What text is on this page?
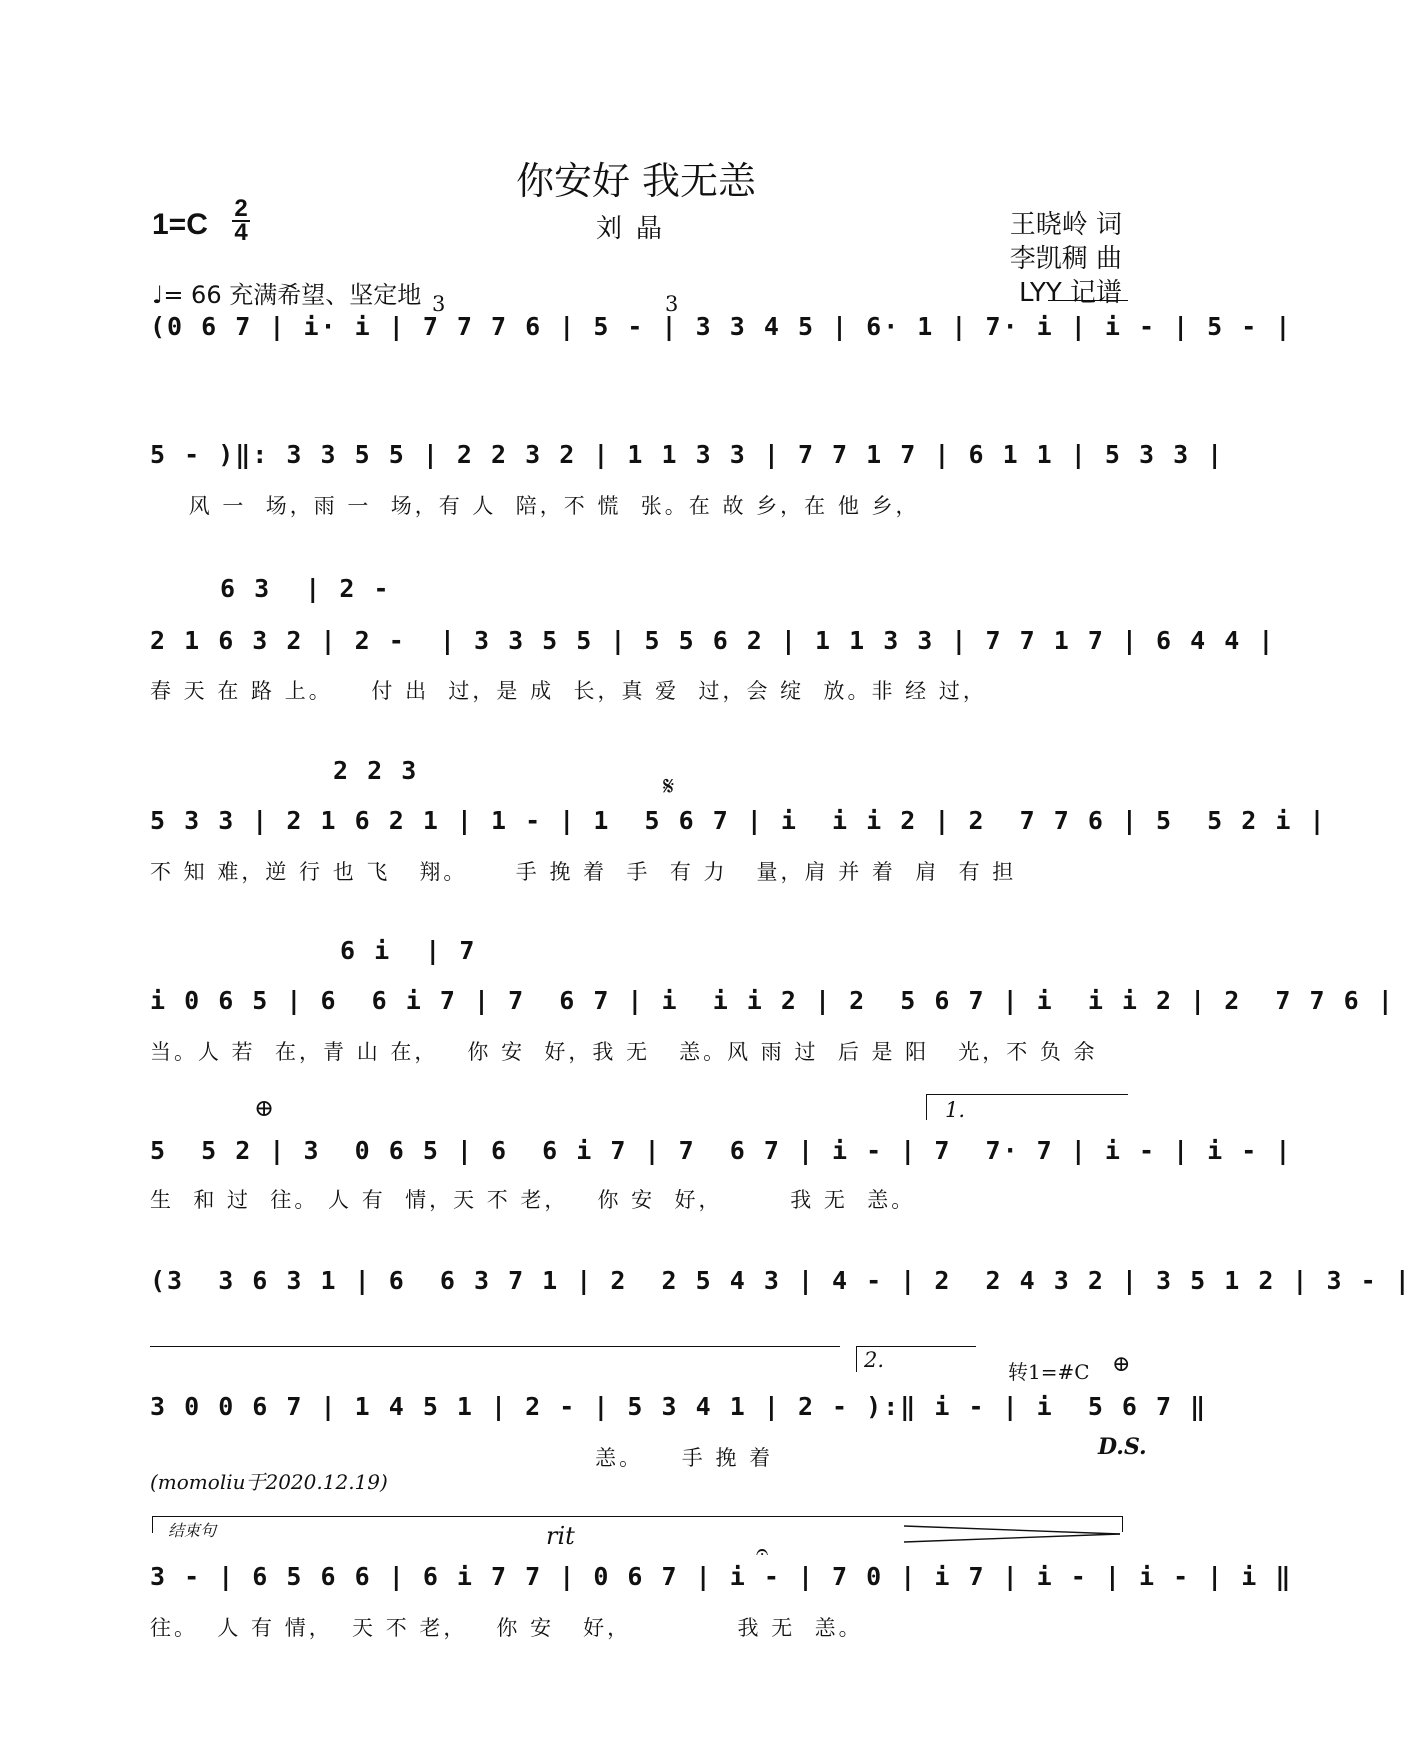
你安好 我无恙
刘晶
1=C 2
4
♩= 66 充满希望、坚定地
王晓岭 词
李凯稠 曲
LYY 记谱
(0 6 7 | i· i | 7 7 7 6 | 5 - | 3 3 4 5 | 6· 1 | 7· i | i - | 5 - |
3	3
5 - )‖: 3 3 5 5 | 2 2 3 2 | 1 1 3 3 | 7 7 1 7 | 6 1 1 | 5 3 3 |
风 一  场，雨 一  场，有 人  陪，不 慌  张。在 故 乡，在 他 乡，
6 3  | 2 -
2 1 6 3 2 | 2 -  | 3 3 5 5 | 5 5 6 2 | 1 1 3 3 | 7 7 1 7 | 6 4 4 |
春 天 在 路 上。    付 出  过，是 成  长，真 爱  过，会 绽  放。非 经 过，
2 2 3
𝄋
5 3 3 | 2 1 6 2 1 | 1 - | 1  5 6 7 | i  i i 2 | 2  7 7 6 | 5  5 2 i |
不 知 难，逆 行 也 飞   翔。     手 挽 着  手  有 力   量，肩 并 着  肩  有 担
6 i  | 7
i 0 6 5 | 6  6 i 7 | 7  6 7 | i  i i 2 | 2  5 6 7 | i  i i 2 | 2  7 7 6 |
当。人 若  在，青 山 在，   你 安  好，我 无   恙。风 雨 过  后 是 阳   光，不 负 余
⊕	1.
5  5 2 | 3  0 6 5 | 6  6 i 7 | 7  6 7 | i - | 7  7· 7 | i - | i - |
生  和 过  往。 人 有  情，天 不 老，   你 安  好，       我 无  恙。
(3  3 6 3 1 | 6  6 3 7 1 | 2  2 5 4 3 | 4 - | 2  2 4 3 2 | 3 5 1 2 | 3 - |
2.	转1=#C ⊕
3 0 0 6 7 | 1 4 5 1 | 2 - | 5 3 4 1 | 2 - ):‖ i - | i  5 6 7 ‖
恙。    手 挽 着	D.S.
(momoliu于2020.12.19)
结束句	rit
𝄐
3 - | 6 5 6 6 | 6 i 7 7 | 0 6 7 | i - | 7 0 | i 7 | i - | i - | i ‖
往。  人 有 情，  天 不 老，   你 安   好，           我 无  恙。
